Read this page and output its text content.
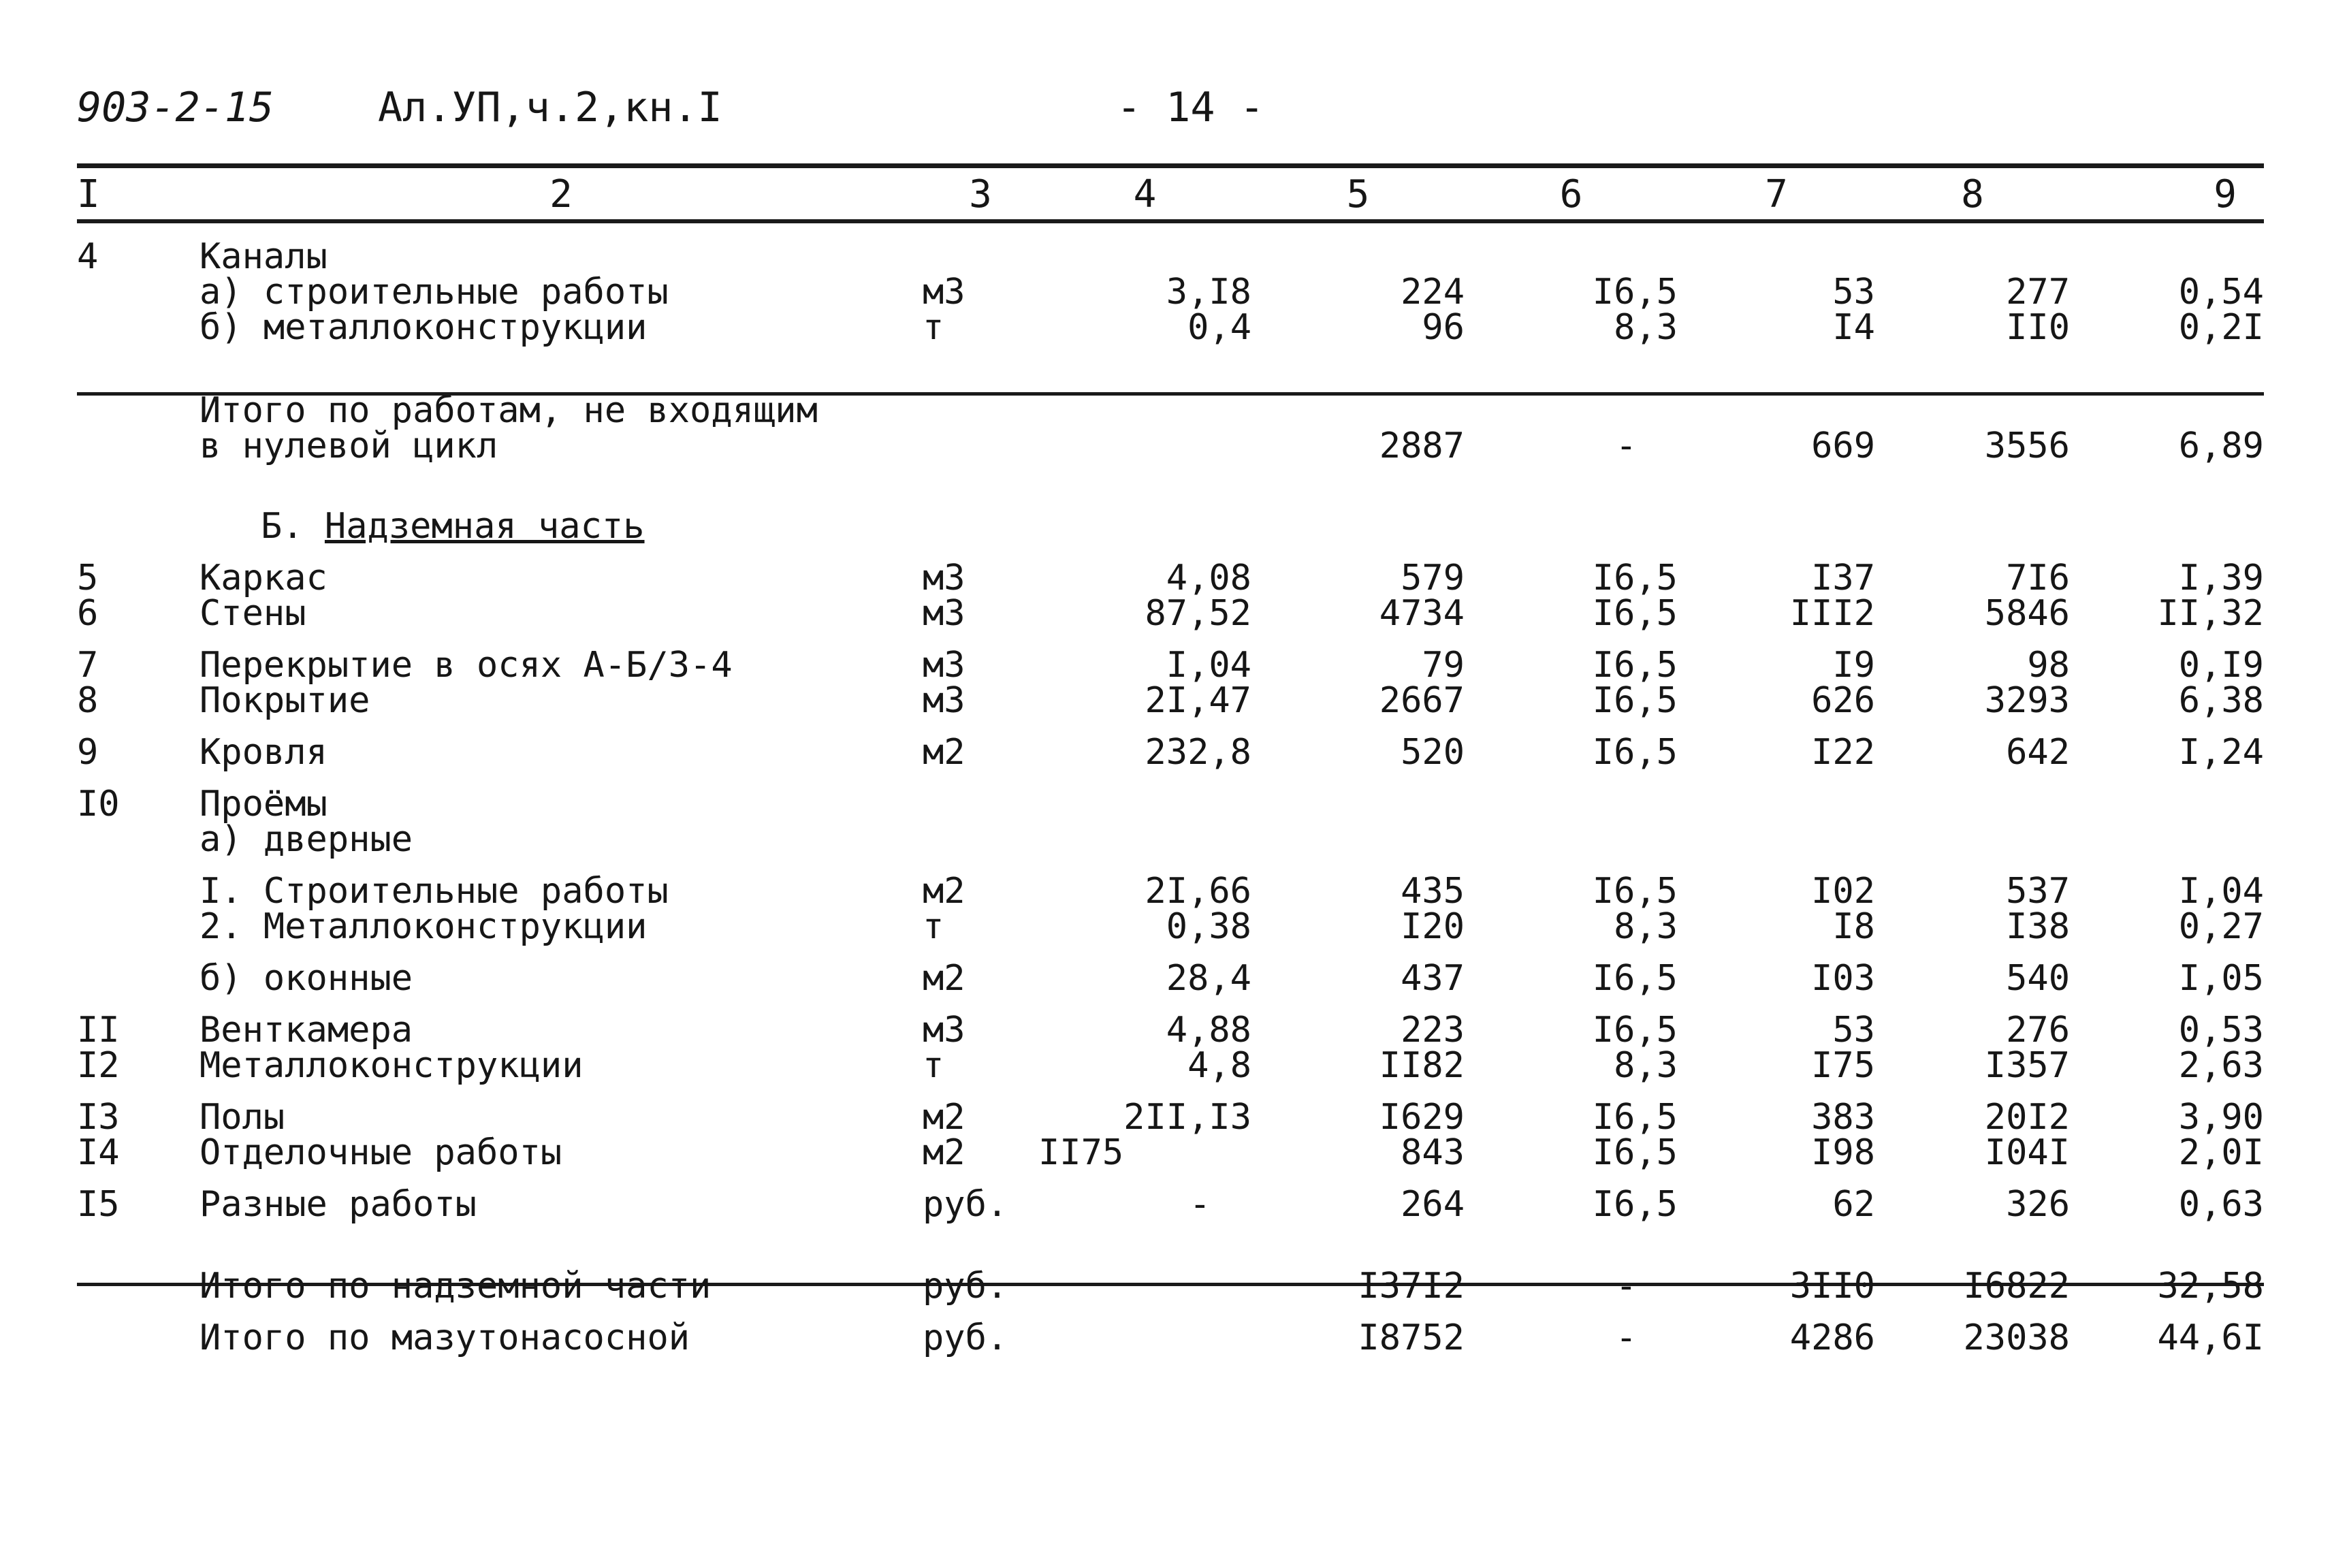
903-2-15	Ал.УП,ч.2,кн.I	- 14 -
I	2	3	4	5	6	7	8	9
4	Каналы							
	а) строительные работы	м3	3,I8	224	I6,5	53	277	0,54
	б) металлоконструкции	т	0,4	96	8,3	I4	II0	0,2I
	Итого по работам, не входящим							
	в нулевой цикл			2887	-	669	3556	6,89
	Б. Надземная часть							
5	Каркас	м3	4,08	579	I6,5	I37	7I6	I,39
6	Стены	м3	87,52	4734	I6,5	III2	5846	II,32
7	Перекрытие в осях А-Б/З-4	м3	I,04	79	I6,5	I9	98	0,I9
8	Покрытие	м3	2I,47	2667	I6,5	626	3293	6,38
9	Кровля	м2	232,8	520	I6,5	I22	642	I,24
I0	Проёмы							
	а) дверные							
	I. Строительные работы	м2	2I,66	435	I6,5	I02	537	I,04
	2. Металлоконструкции	т	0,38	I20	8,3	I8	I38	0,27
	б) оконные	м2	28,4	437	I6,5	I03	540	I,05
II	Венткамера	м3	4,88	223	I6,5	53	276	0,53
I2	Металлоконструкции	т	4,8	II82	8,3	I75	I357	2,63
I3	Полы	м2	2II,I3	I629	I6,5	383	20I2	3,90
I4	Отделочные работы	м2	II75	843	I6,5	I98	I04I	2,0I
I5	Разные работы	руб.	-	264	I6,5	62	326	0,63
	Итого по надземной части	руб.		I37I2	-	3II0	I6822	32,58
	Итого по мазутонасосной	руб.		I8752	-	4286	23038	44,6I
